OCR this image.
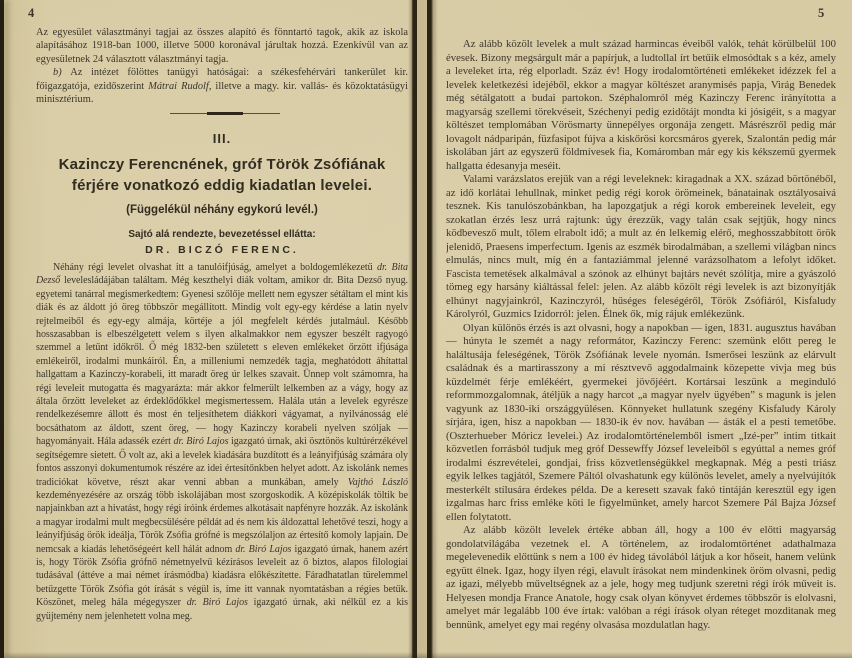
4	5

Az egyesület választmányi tagjai az összes alapító és fönntartó tagok, akik az iskola alapításához 1918-ban 1000, illetve 5000 koronával járultak hozzá. Ezenkívül van az egyesületnek 24 választott választmányi tagja.

b) Az intézet fölöttes tanügyi hatóságai: a székesfehérvári tankerület kir. főigazgatója, ezidőszerint Mátrai Rudolf, illetve a magy. kir. vallás- és közoktatásügyi minisztérium.

III.
Kazinczy Ferencnének, gróf Török Zsófiának
férjére vonatkozó eddig kiadatlan levelei.
(Függelékül néhány egykorú levél.)
Sajtó alá rendezte, bevezetéssel ellátta:
DR. BICZÓ FERENC.

Néhány régi levelet olvashat itt a tanulóifjúság, amelyet a boldogemlékezetű dr. Bita Dezső levelesládájában találtam. Még keszthelyi diák voltam, amikor dr. Bita Dezső nyug. egyetemi tanárral megismerkedtem: Gyenesi szőlője mellett nem egyszer sétáltam el mint kis diák és az áldott jó öreg többször megállított. Mindig volt egy-egy kérdése a latin nyelv rejtelmeiből és egy-egy almája, körtéje a jól megfelelt kérdés jutalmául. Később hosszasabban is elbeszélgetett velem s ilyen alkalmakkor nem egyszer beszélt ragyogó szemmel a letűnt időkről. Ő még 1832-ben született s eleven emlékeket őrzött ifjúsága emlékeiről, irodalmi munkáiról. Én, a milleniumi nemzedék tagja, meghatódott áhítattal hallgattam a Kazinczy-korabeli, itt maradt öreg úr lelkes szavait. Ünnep volt számomra, ha régi leveleit mutogatta és magyarázta: már akkor felmerült lelkemben az a vágy, hogy az általa őrzött leveleket az érdeklődőkkel megismertessem. Halála után a levelek egyrésze rendelkezésemre állott és most én teljesíthetem diákkori vágyamat, a nyilvánosság elé bocsáthatom az áldott, szent öreg, — hogy Kazinczy korabeli nyelven szóljak — hagyományait. Hála adassék ezért dr. Biró Lajos igazgató úrnak, aki ösztönös kultúrérzékével segítségemre sietett. Ő volt az, aki a levelek kiadására buzdított és a leányifjúság számára oly fontos asszonyi dokumentumok részére az idei értesítőnkben helyet adott. Az iskolánk nemes tradiciókat követve, részt akar venni abban a munkában, amely Vajthó László kezdeményezésére az ország több iskolájában most szorgoskodik. A középiskolák töltik be napjainkban azt a hivatást, hogy régi íróink érdemes alkotásait napfényre hozzák. Az iskolánk a magyar irodalmi mult megbecsülésére példát ad és nem kis áldozattal lehetővé teszi, hogy a leányifjúság örök ideálja, Török Zsófia grófné is megszólaljon az értesítő komoly lapjain. De nemcsak a kiadás lehetőségeért kell hálát adnom dr. Biró Lajos igazgató úrnak, hanem azért is, hogy Török Zsófia grófnő németnyelvű kézírásos leveleit az ő biztos, alapos filologiai tudásával (áttéve a mai német írásmódba) kiadásra előkészítette. Fáradhatatlan türelemmel betűzgette Török Zsófia gót írását s végül is, íme itt vannak nyomtatásban a régies betűk. Köszönet, meleg hála mégegyszer dr. Biró Lajos igazgató úrnak, aki nélkül ez a kis gyüjtemény nem jelenhetett volna meg.

Az alább közölt levelek a mult század harmincas éveiből valók, tehát körülbelül 100 évesek. Bizony megsárgult már a papírjuk, a ludtollal írt betűik elmosódtak s a kéz, amely a leveleket írta, rég elporladt. Száz év! Hogy irodalomtörténeti emlékeket idézzek fel a levelek keletkezési idejéből, ekkor a magyar költészet aranymisés papja, Virág Benedek még sétálgatott a budai partokon. Széphalomról még Kazinczy Ferenc irányította a magyarság szellemi törekvéseit, Széchenyi pedig ezidőtájt mondta ki jósigéit, s a magyar költészet templomában Vörösmarty ünnepélyes orgonája zengett. Másrészről pedig már lovagolt nádparipán, füzfasipot fújva a kiskőrösi korcsmáros gyerek, Szalontán pedig már iskolában járt az egyszerű földmívesek fia, Komáromban már egy kis kékszemű gyermek hallgatta édesanyja meséit.

Valami varázslatos erejük van a régi leveleknek: kiragadnak a XX. század börtönéből, az idő korlátai lehullnak, minket pedig régi korok örömeinek, bánatainak osztályosaivá tesznek. Kis tanulószobánkban, ha lapozgatjuk a régi korok embereinek leveleit, egy szokatlan érzés lesz urrá rajtunk: úgy érezzük, vagy talán csak sejtjük, hogy nincs ködbevesző mult, tőlem elrabolt idő; a mult az én lelkemig elérő, meghosszabbított örök jelenidő, Praesens imperfectum. Igenis az eszmék birodalmában, a szellemi világban nincs elmulás, nincs mult, míg én a fantaziámmal jelenné varázsolhatom a lefolyt időket. Fascista temetések alkalmával a szónok az elhúnyt bajtárs nevét szólítja, mire a gyászoló tömeg egy harsány kiáltással felel: jelen. Az alább közölt régi levelek is azt bizonyítják elhúnyt nagyjainkról, Kazinczyról, hűséges feleségéről, Török Zsófiáról, Kisfaludy Károlyról, Guzmics Izidorról: jelen. Élnek ők, míg rájuk emlékezünk.

Olyan különös érzés is azt olvasni, hogy a napokban — igen, 1831. augusztus havában — húnyta le szemét a nagy reformátor, Kazinczy Ferenc: szemünk előtt pereg le haláltusája feleségének, Török Zsófiának levele nyomán. Ismerősei leszünk az elárvult családnak és a martirasszony a mi résztvevő aggodalmaink közepette vivja meg bús küzdelmét férje emlékéért, gyermekei jövőjéért. Kortársai leszünk a meginduló reformmozgalomnak, átéljük a nagy harcot „a magyar nyelv ügyében” s magunk is jelen vagyunk az 1830-iki országgyülésen. Könnyeket hullatunk szegény Kisfaludy Károly sírjára, igen, hisz a napokban — 1830-ik év nov. havában — ásták el a pesti temetőbe. (Oszterhueber Móricz levelei.) Az irodalomtörténelemből ismert „Izé-per” intim titkait közvetlen forrásból tudjuk meg gróf Dessewffy József leveleiből s egyúttal a nemes gróf irodalmi észrevételei, gondjai, friss közvetlenségükkel megkapnak. Még a pesti triász egyik lelkes tagjától, Szemere Páltól olvashatunk egy különös levelet, amely a nyelvújítók mesterkélt stílusára érdekes példa. De a keresett szavak fakó tintáján keresztül egy igen izgalmas harc friss emléke köti le figyelmünket, amely harcot Szemere Pál Bajza József ellen folytatott.

Az alább közölt levelek értéke abban áll, hogy a 100 év előtti magyarság gondolatvilágába vezetnek el. A történelem, az irodalomtörténet adathalmaza megelevenedik előttünk s nem a 100 év hideg távolából látjuk a kor hőseit, hanem velünk együtt élnek. Igaz, hogy ilyen régi, elavult írásokat nem mindenkinek öröm olvasni, pedig az igazi, mélyebb műveltségnek az a jele, hogy meg tudjunk szeretni régi írók műveit is. Helyesen mondja France Anatole, hogy csak olyan könyvet érdemes többször is elolvasni, amelyet már legalább 100 éve írtak: valóban a régi írások olyan réteget mozditanak meg bennünk, amelyet egy mai regény olvasása mozdulatlan hagy.
